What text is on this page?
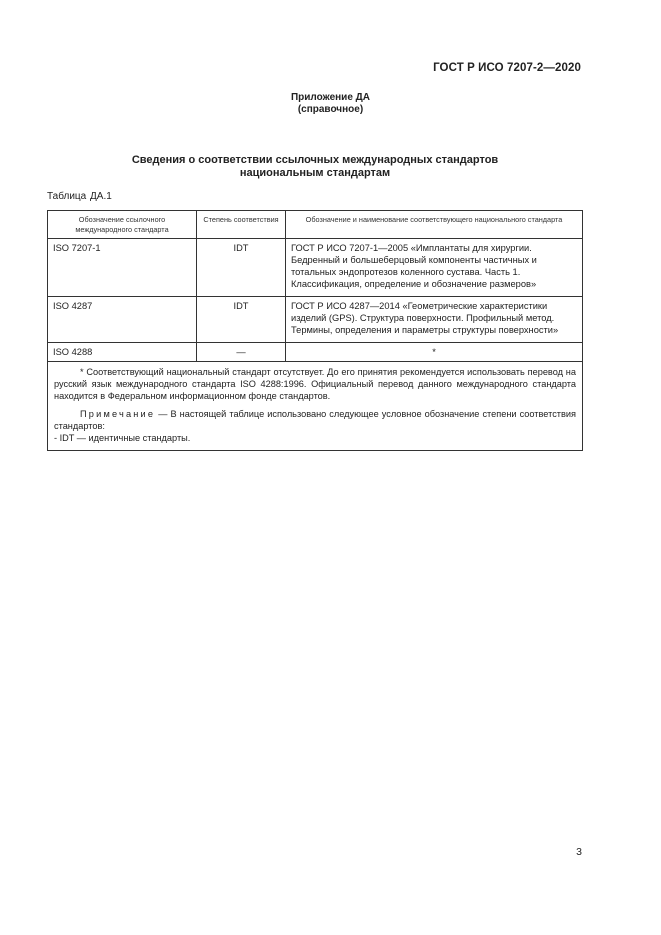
ГОСТ Р ИСО 7207-2—2020
Приложение ДА
(справочное)
Сведения о соответствии ссылочных международных стандартов
национальным стандартам
Таблица ДА.1
Обозначение ссылочного международного стандарта	Степень соответствия	Обозначение и наименование соответствующего национального стандарта
ISO 7207-1	IDT	ГОСТ Р ИСО 7207-1—2005 «Имплантаты для хирургии. Бедренный и большеберцовый компоненты частичных и тотальных эндопротезов коленного сустава. Часть 1. Классификация, определение и обозначение размеров»
ISO 4287	IDT	ГОСТ Р ИСО 4287—2014 «Геометрические характеристики изделий (GPS). Структура поверхности. Профильный метод. Термины, определения и параметры структуры поверхности»
ISO 4288	—	*

* Соответствующий национальный стандарт отсутствует. До его принятия рекомендуется использовать перевод на русский язык международного стандарта ISO 4288:1996. Официальный перевод данного международного стандарта находится в Федеральном информационном фонде стандартов.

Примечание — В настоящей таблице использовано следующее условное обозначение степени соответствия стандартов:

- IDT — идентичные стандарты.		
3
